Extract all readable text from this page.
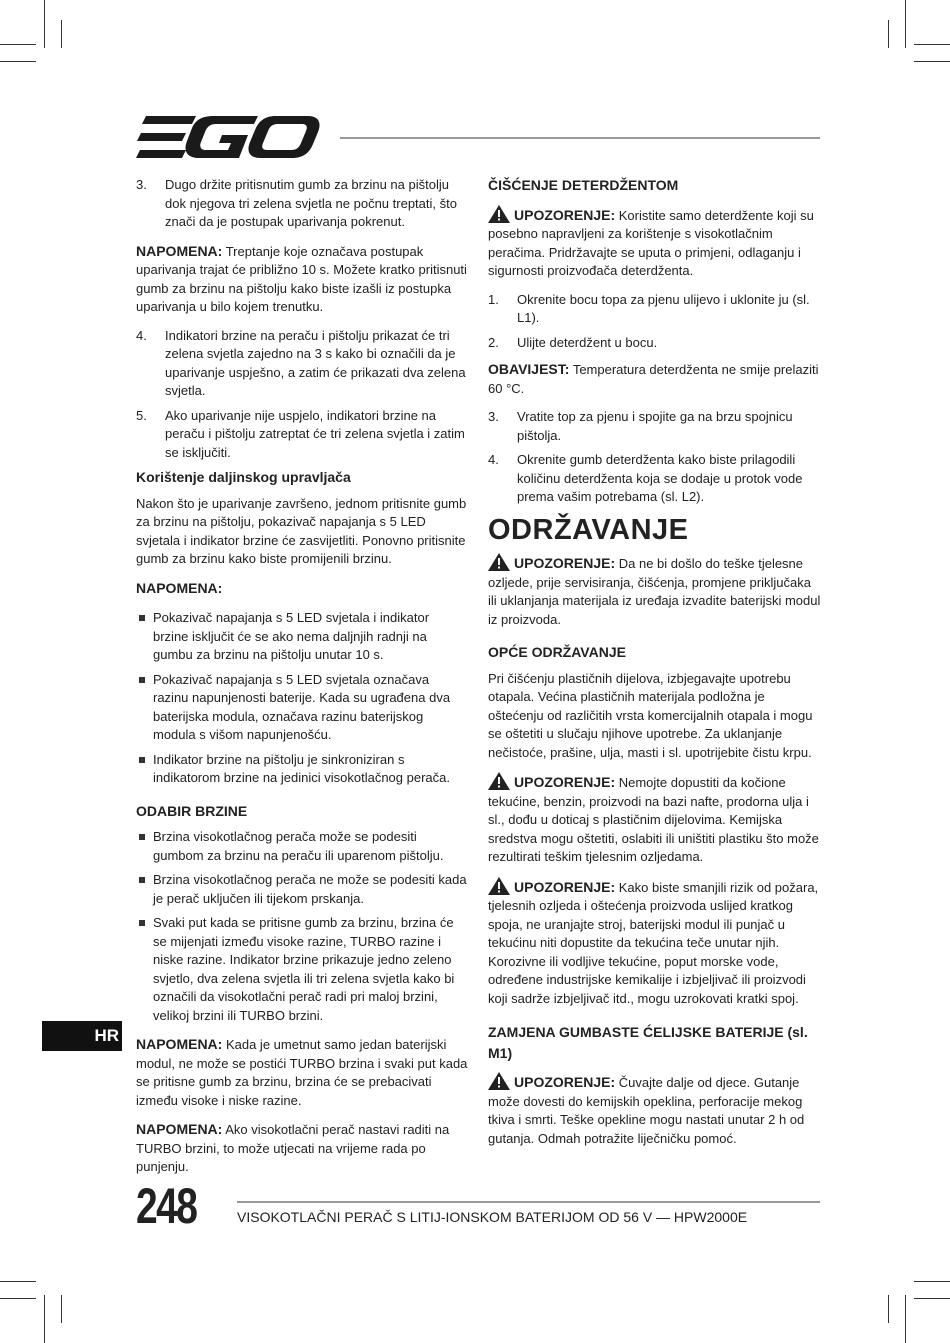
3.	Dugo držite pritisnutim gumb za brzinu na pištolju dok njegova tri zelena svjetla ne počnu treptati, što znači da je postupak uparivanja pokrenut.

NAPOMENA: Treptanje koje označava postupak uparivanja trajat će približno 10 s. Možete kratko pritisnuti gumb za brzinu na pištolju kako biste izašli iz postupka uparivanja u bilo kojem trenutku.

4.	Indikatori brzine na peraču i pištolju prikazat će tri zelena svjetla zajedno na 3 s kako bi označili da je uparivanje uspješno, a zatim će prikazati dva zelena svjetla.
5.	Ako uparivanje nije uspjelo, indikatori brzine na peraču i pištolju zatreptat će tri zelena svjetla i zatim se isključiti.
Korištenje daljinskog upravljača

Nakon što je uparivanje završeno, jednom pritisnite gumb za brzinu na pištolju, pokazivač napajanja s 5 LED svjetala i indikator brzine će zasvijetliti. Ponovno pritisnite gumb za brzinu kako biste promijenili brzinu.

NAPOMENA:
Pokazivač napajanja s 5 LED svjetala i indikator brzine isključit će se ako nema daljnjih radnji na gumbu za brzinu na pištolju unutar 10 s.
Pokazivač napajanja s 5 LED svjetala označava razinu napunjenosti baterije. Kada su ugrađena dva baterijska modula, označava razinu baterijskog modula s višom napunjenošću.
Indikator brzine na pištolju je sinkroniziran s indikatorom brzine na jedinici visokotlačnog perača.
ODABIR BRZINE
Brzina visokotlačnog perača može se podesiti gumbom za brzinu na peraču ili uparenom pištolju.
Brzina visokotlačnog perača ne može se podesiti kada je perač uključen ili tijekom prskanja.
Svaki put kada se pritisne gumb za brzinu, brzina će se mijenjati između visoke razine, TURBO razine i niske razine. Indikator brzine prikazuje jedno zeleno svjetlo, dva zelena svjetla ili tri zelena svjetla kako bi označili da visokotlačni perač radi pri maloj brzini, velikoj brzini ili TURBO brzini.

NAPOMENA: Kada je umetnut samo jedan baterijski modul, ne može se postići TURBO brzina i svaki put kada se pritisne gumb za brzinu, brzina će se prebacivati između visoke i niske razine.

NAPOMENA: Ako visokotlačni perač nastavi raditi na TURBO brzini, to može utjecati na vrijeme rada po punjenju.

ČIŠĆENJE DETERDŽENTOM

UPOZORENJE: Koristite samo deterdžente koji su posebno napravljeni za korištenje s visokotlačnim peračima. Pridržavajte se uputa o primjeni, odlaganju i sigurnosti proizvođača deterdženta.

1.	Okrenite bocu topa za pjenu ulijevo i uklonite ju (sl. L1).
2.	Ulijte deterdžent u bocu.

OBAVIJEST: Temperatura deterdženta ne smije prelaziti 60 °C.

3.	Vratite top za pjenu i spojite ga na brzu spojnicu pištolja.
4.	Okrenite gumb deterdženta kako biste prilagodili količinu deterdženta koja se dodaje u protok vode prema vašim potrebama (sl. L2).
ODRŽAVANJE

UPOZORENJE: Da ne bi došlo do teške tjelesne ozljede, prije servisiranja, čišćenja, promjene priključaka ili uklanjanja materijala iz uređaja izvadite baterijski modul iz proizvoda.

OPĆE ODRŽAVANJE

Pri čišćenju plastičnih dijelova, izbjegavajte upotrebu otapala. Većina plastičnih materijala podložna je oštećenju od različitih vrsta komercijalnih otapala i mogu se oštetiti u slučaju njihove upotrebe. Za uklanjanje nečistoće, prašine, ulja, masti i sl. upotrijebite čistu krpu.

UPOZORENJE: Nemojte dopustiti da kočione tekućine, benzin, proizvodi na bazi nafte, prodorna ulja i sl., dođu u doticaj s plastičnim dijelovima. Kemijska sredstva mogu oštetiti, oslabiti ili uništiti plastiku što može rezultirati teškim tjelesnim ozljedama.

UPOZORENJE: Kako biste smanjili rizik od požara, tjelesnih ozljeda i oštećenja proizvoda uslijed kratkog spoja, ne uranjajte stroj, baterijski modul ili punjač u tekućinu niti dopustite da tekućina teče unutar njih. Korozivne ili vodljive tekućine, poput morske vode, određene industrijske kemikalije i izbjeljivač ili proizvodi koji sadrže izbjeljivač itd., mogu uzrokovati kratki spoj.

ZAMJENA GUMBASTE ĆELIJSKE BATERIJE (sl. M1)

UPOZORENJE: Čuvajte dalje od djece. Gutanje može dovesti do kemijskih opeklina, perforacije mekog tkiva i smrti. Teške opekline mogu nastati unutar 2 h od gutanja. Odmah potražite liječničku pomoć.

HR
248	VISOKOTLAČNI PERAČ S LITIJ-IONSKOM BATERIJOM OD 56 V — HPW2000E
